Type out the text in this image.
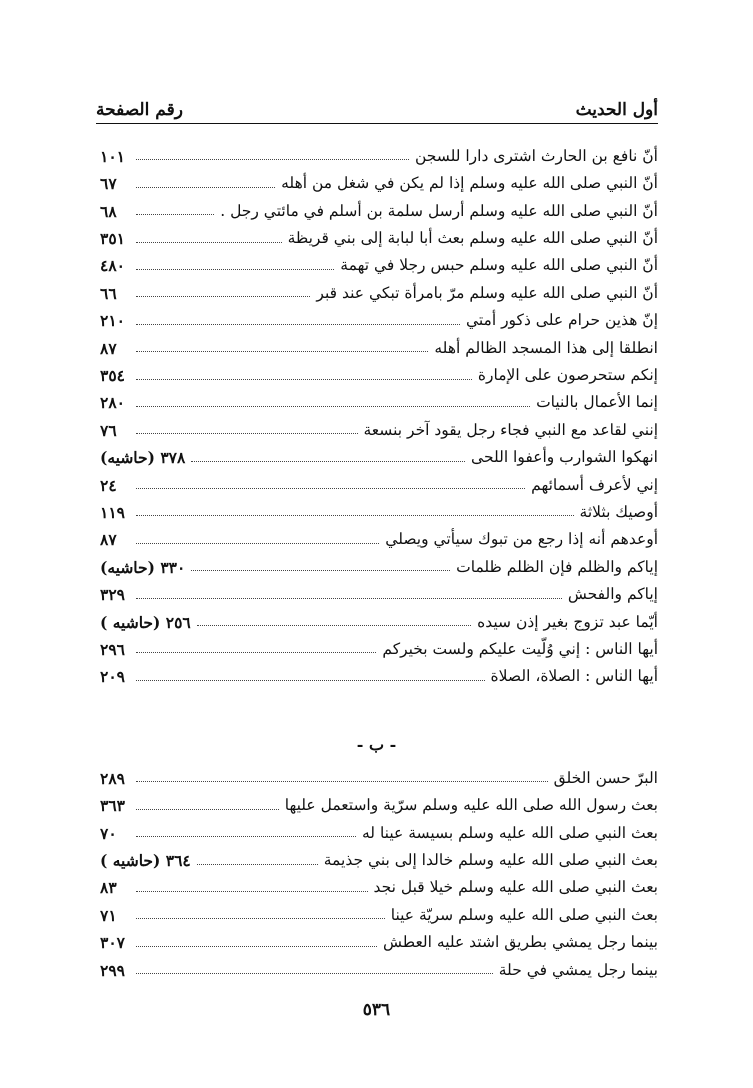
أول الحديث
رقم الصفحة
أنّ نافع بن الحارث اشترى دارا للسجن
١٠١
أنّ النبي صلى الله عليه وسلم إذا لم يكن في شغل من أهله
٦٧
أنّ النبي صلى الله عليه وسلم أرسل سلمة بن أسلم في مائتي رجل .
٦٨
أنّ النبي صلى الله عليه وسلم بعث أبا لبابة إلى بني قريظة
٣٥١
أنّ النبي صلى الله عليه وسلم حبس رجلا في تهمة
٤٨٠
أنّ النبي صلى الله عليه وسلم مرّ بامرأة تبكي عند قبر
٦٦
إنّ هذين حرام على ذكور أمتي
٢١٠
انطلقا إلى هذا المسجد الظالم أهله
٨٧
إنكم ستحرصون على الإمارة
٣٥٤
إنما الأعمال بالنيات
٢٨٠
إنني لقاعد مع النبي فجاء رجل يقود آخر بنسعة
٧٦
انهكوا الشوارب وأعفوا اللحى
٣٧٨ (حاشيه)
إني لأعرف أسمائهم
٢٤
أوصيك بثلاثة
١١٩
أوعدهم أنه إذا رجع من تبوك سيأتي ويصلي
٨٧
إياكم والظلم فإن الظلم ظلمات
٣٣٠ (حاشيه)
إياكم والفحش
٣٢٩
أيّما عبد تزوج بغير إذن سيده
٢٥٦ (حاشيه )
أيها الناس : إني وُلّيت عليكم ولست بخيركم
٢٩٦
أيها الناس : الصلاة، الصلاة
٢٠٩
- ب -
البرّ حسن الخلق
٢٨٩
بعث رسول الله صلى الله عليه وسلم سرّية واستعمل عليها
٣٦٣
بعث النبي صلى الله عليه وسلم بسيسة عينا له
٧٠
بعث النبي صلى الله عليه وسلم خالدا إلى بني جذيمة
٣٦٤ (حاشيه )
بعث النبي صلى الله عليه وسلم خيلا قبل نجد
٨٣
بعث النبي صلى الله عليه وسلم سريّة عينا
٧١
بينما رجل يمشي بطريق اشتد عليه العطش
٣٠٧
بينما رجل يمشي في حلة
٢٩٩
٥٣٦
